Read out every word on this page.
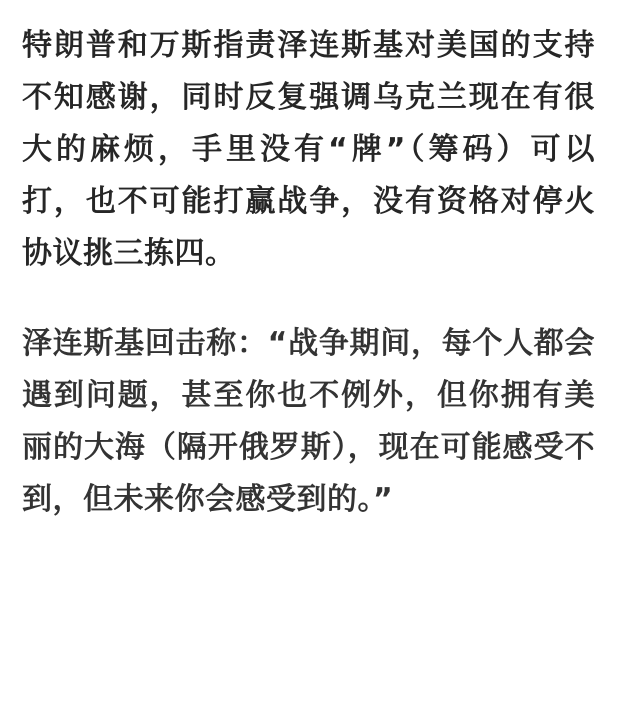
特朗普和万斯指责泽连斯基对美国的支持不知感谢，同时反复强调乌克兰现在有很大的麻烦，手里没有“牌”（筹码）可以打，也不可能打赢战争，没有资格对停火协议挑三拣四。

泽连斯基回击称：“战争期间，每个人都会遇到问题，甚至你也不例外，但你拥有美丽的大海（隔开俄罗斯），现在可能感受不到，但未来你会感受到的。”
